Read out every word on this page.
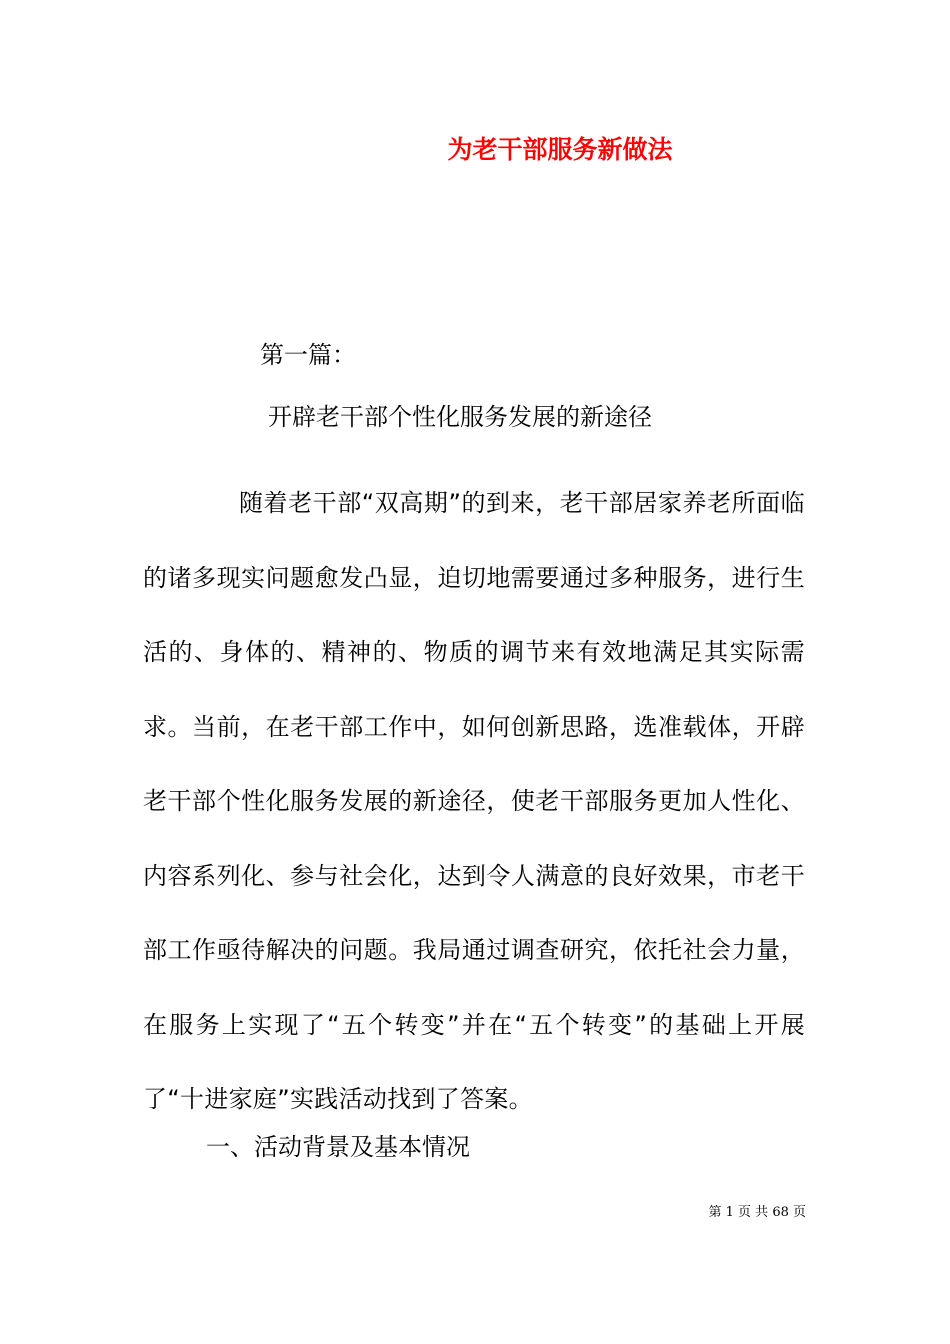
为老干部服务新做法
第一篇：
开辟老干部个性化服务发展的新途径

随着老干部“双高期”的到来，老干部居家养老所面临的诸多现实问题愈发凸显，迫切地需要通过多种服务，进行生活的、身体的、精神的、物质的调节来有效地满足其实际需求。当前，在老干部工作中，如何创新思路，选准载体，开辟老干部个性化服务发展的新途径，使老干部服务更加人性化、内容系列化、参与社会化，达到令人满意的良好效果，市老干部工作亟待解决的问题。我局通过调查研究，依托社会力量，在服务上实现了“五个转变”并在“五个转变”的基础上开展了“十进家庭”实践活动找到了答案。

一、活动背景及基本情况
第 1 页 共 68 页
